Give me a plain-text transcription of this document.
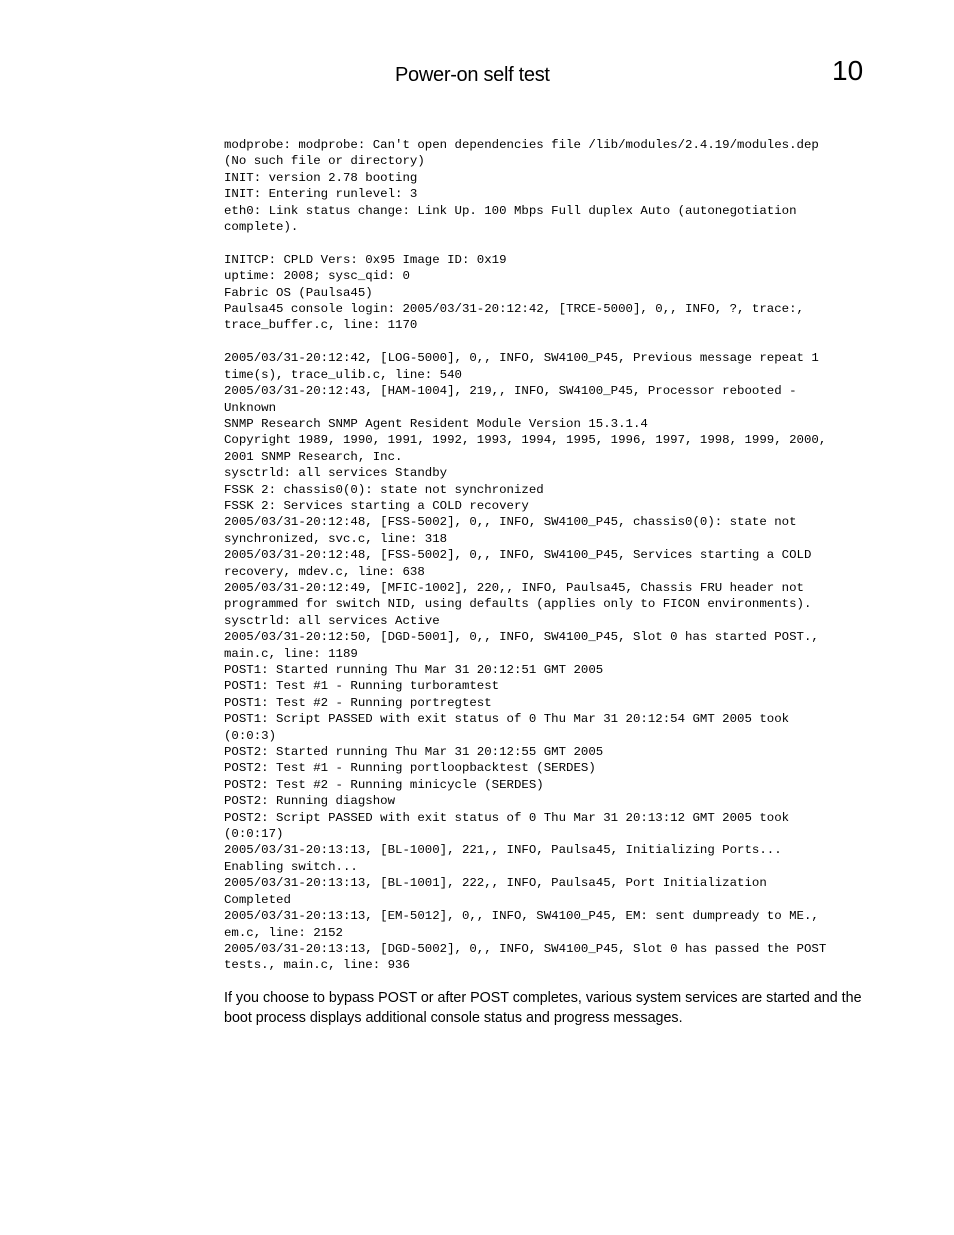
Power-on self test	10
modprobe: modprobe: Can't open dependencies file /lib/modules/2.4.19/modules.dep
(No such file or directory)
INIT: version 2.78 booting
INIT: Entering runlevel: 3
eth0: Link status change: Link Up. 100 Mbps Full duplex Auto (autonegotiation
complete).

INITCP: CPLD Vers: 0x95 Image ID: 0x19
uptime: 2008; sysc_qid: 0
Fabric OS (Paulsa45)
Paulsa45 console login: 2005/03/31-20:12:42, [TRCE-5000], 0,, INFO, ?, trace:,
trace_buffer.c, line: 1170

2005/03/31-20:12:42, [LOG-5000], 0,, INFO, SW4100_P45, Previous message repeat 1
time(s), trace_ulib.c, line: 540
2005/03/31-20:12:43, [HAM-1004], 219,, INFO, SW4100_P45, Processor rebooted -
Unknown
SNMP Research SNMP Agent Resident Module Version 15.3.1.4
Copyright 1989, 1990, 1991, 1992, 1993, 1994, 1995, 1996, 1997, 1998, 1999, 2000,
2001 SNMP Research, Inc.
sysctrld: all services Standby
FSSK 2: chassis0(0): state not synchronized
FSSK 2: Services starting a COLD recovery
2005/03/31-20:12:48, [FSS-5002], 0,, INFO, SW4100_P45, chassis0(0): state not
synchronized, svc.c, line: 318
2005/03/31-20:12:48, [FSS-5002], 0,, INFO, SW4100_P45, Services starting a COLD
recovery, mdev.c, line: 638
2005/03/31-20:12:49, [MFIC-1002], 220,, INFO, Paulsa45, Chassis FRU header not
programmed for switch NID, using defaults (applies only to FICON environments).
sysctrld: all services Active
2005/03/31-20:12:50, [DGD-5001], 0,, INFO, SW4100_P45, Slot 0 has started POST.,
main.c, line: 1189
POST1: Started running Thu Mar 31 20:12:51 GMT 2005
POST1: Test #1 - Running turboramtest
POST1: Test #2 - Running portregtest
POST1: Script PASSED with exit status of 0 Thu Mar 31 20:12:54 GMT 2005 took
(0:0:3)
POST2: Started running Thu Mar 31 20:12:55 GMT 2005
POST2: Test #1 - Running portloopbacktest (SERDES)
POST2: Test #2 - Running minicycle (SERDES)
POST2: Running diagshow
POST2: Script PASSED with exit status of 0 Thu Mar 31 20:13:12 GMT 2005 took
(0:0:17)
2005/03/31-20:13:13, [BL-1000], 221,, INFO, Paulsa45, Initializing Ports...
Enabling switch...
2005/03/31-20:13:13, [BL-1001], 222,, INFO, Paulsa45, Port Initialization
Completed
2005/03/31-20:13:13, [EM-5012], 0,, INFO, SW4100_P45, EM: sent dumpready to ME.,
em.c, line: 2152
2005/03/31-20:13:13, [DGD-5002], 0,, INFO, SW4100_P45, Slot 0 has passed the POST
tests., main.c, line: 936

If you choose to bypass POST or after POST completes, various system services are started and the boot process displays additional console status and progress messages.
